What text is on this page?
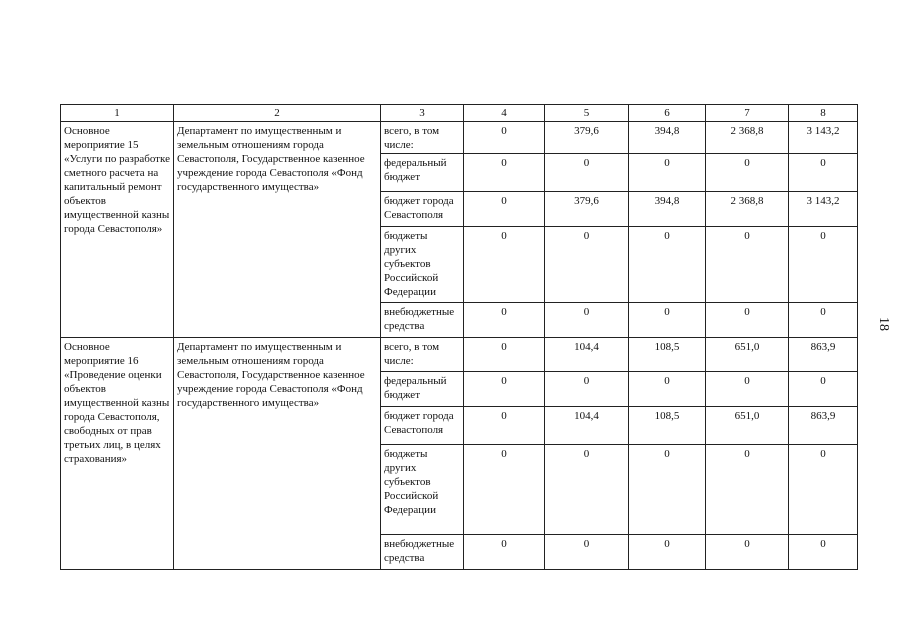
1	2	3	4	5	6	7	8
Основное мероприятие 15 «Услуги по разработке сметного расчета на капитальный ремонт объектов имущественной казны города Севастополя»	Департамент по имущественным и земельным отношениям города Севастополя, Государственное казенное учреждение города Севастополя «Фонд государственного имущества»	всего, в том числе:	0	379,6	394,8	2 368,8	3 143,2
		федеральный бюджет	0	0	0	0	0
		бюджет города Севастополя	0	379,6	394,8	2 368,8	3 143,2
		бюджеты других субъектов Российской Федерации	0	0	0	0	0
		внебюджетные средства	0	0	0	0	0
Основное мероприятие 16 «Проведение оценки объектов имущественной казны города Севастополя, свободных от прав третьих лиц, в целях страхования»	Департамент по имущественным и земельным отношениям города Севастополя, Государственное казенное учреждение города Севастополя «Фонд государственного имущества»	всего, в том числе:	0	104,4	108,5	651,0	863,9
		федеральный бюджет	0	0	0	0	0
		бюджет города Севастополя	0	104,4	108,5	651,0	863,9
		бюджеты других субъектов Российской Федерации	0	0	0	0	0
		внебюджетные средства	0	0	0	0	0
18
